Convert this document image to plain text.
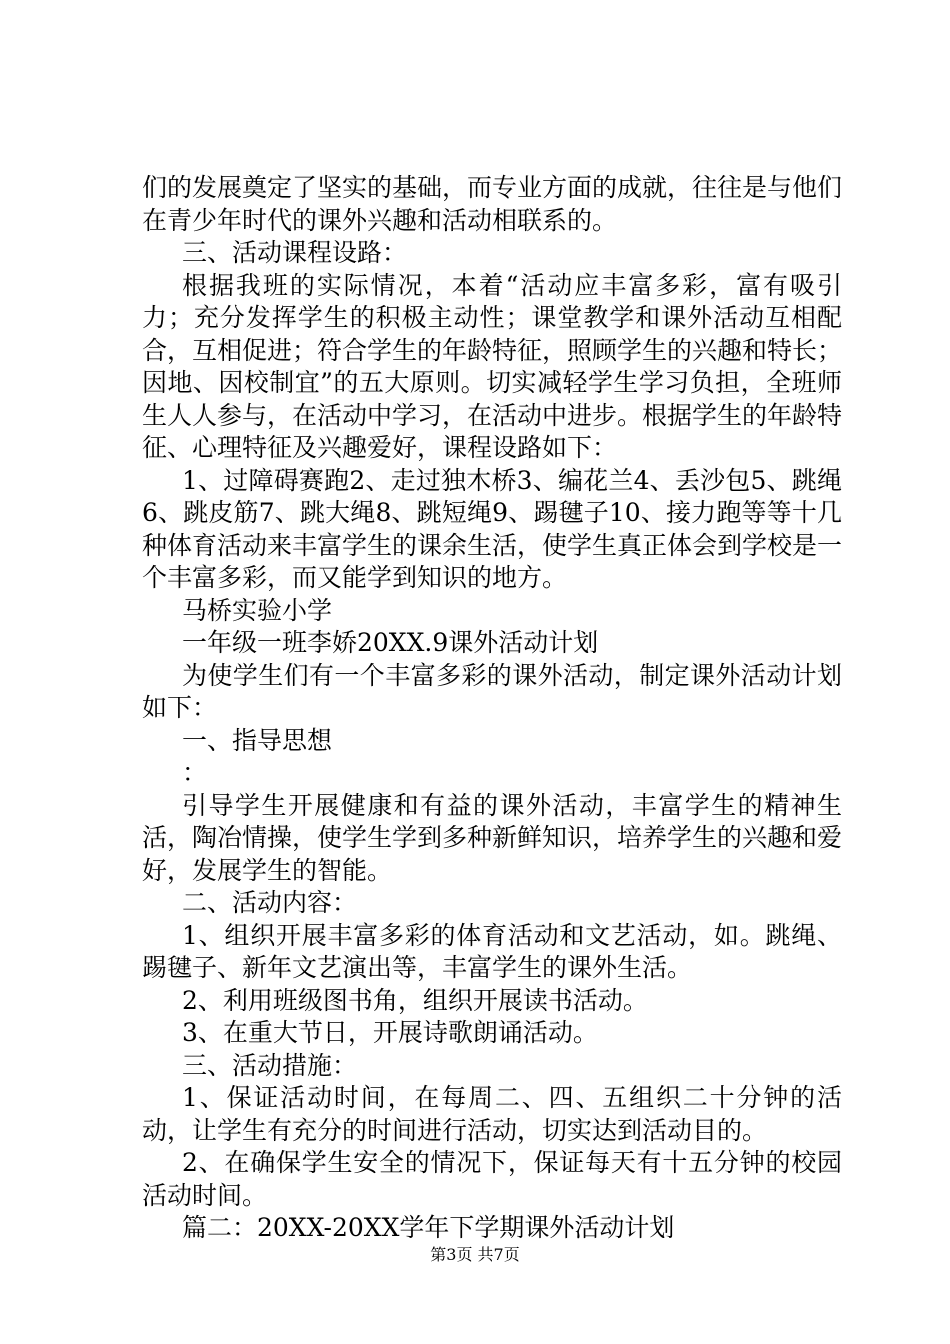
们的发展奠定了坚实的基础，而专业方面的成就，往往是与他们在青少年时代的课外兴趣和活动相联系的。

三、活动课程设路：

根据我班的实际情况，本着“活动应丰富多彩，富有吸引力；充分发挥学生的积极主动性；课堂教学和课外活动互相配合，互相促进；符合学生的年龄特征，照顾学生的兴趣和特长；因地、因校制宜”的五大原则。切实减轻学生学习负担，全班师生人人参与，在活动中学习，在活动中进步。根据学生的年龄特征、心理特征及兴趣爱好，课程设路如下：

1、过障碍赛跑2、走过独木桥3、编花兰4、丢沙包5、跳绳6、跳皮筋7、跳大绳8、跳短绳9、踢毽子10、接力跑等等十几种体育活动来丰富学生的课余生活，使学生真正体会到学校是一个丰富多彩，而又能学到知识的地方。

马桥实验小学

一年级一班李娇20XX.9课外活动计划

为使学生们有一个丰富多彩的课外活动，制定课外活动计划如下：

一、指导思想

：

引导学生开展健康和有益的课外活动，丰富学生的精神生活，陶冶情操，使学生学到多种新鲜知识，培养学生的兴趣和爱好，发展学生的智能。

二、活动内容：

1、组织开展丰富多彩的体育活动和文艺活动，如。跳绳、踢毽子、新年文艺演出等，丰富学生的课外生活。

2、利用班级图书角，组织开展读书活动。

3、在重大节日，开展诗歌朗诵活动。

三、活动措施：

1、保证活动时间，在每周二、四、五组织二十分钟的活动，让学生有充分的时间进行活动，切实达到活动目的。

2、在确保学生安全的情况下，保证每天有十五分钟的校园活动时间。

篇二：20XX-20XX学年下学期课外活动计划

第3页 共7页
